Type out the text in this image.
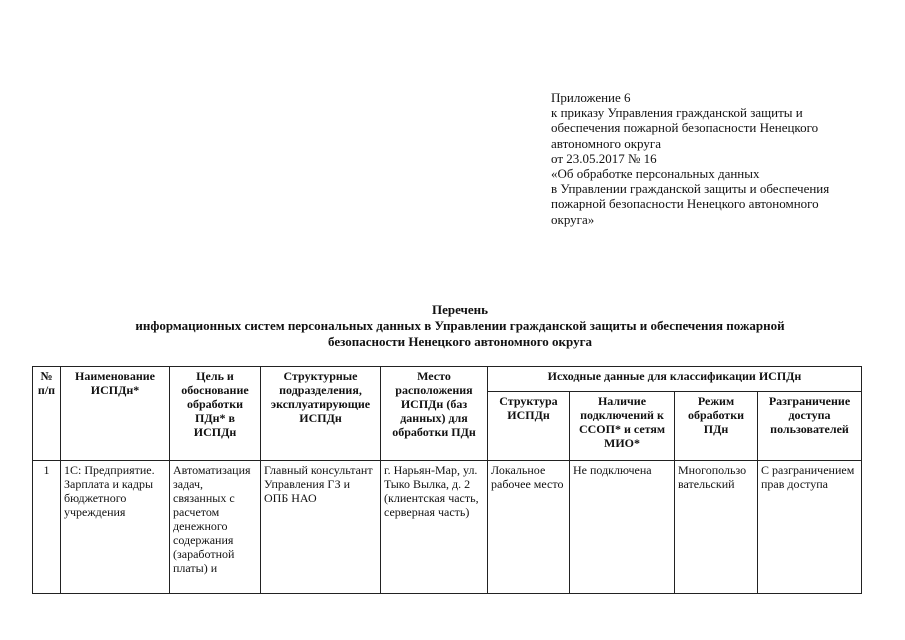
Приложение 6
к приказу Управления гражданской защиты и
обеспечения пожарной безопасности Ненецкого
автономного округа
от 23.05.2017 № 16
«Об обработке персональных данных
в Управлении гражданской защиты и обеспечения
пожарной безопасности Ненецкого автономного
округа»
Перечень
информационных систем персональных данных в Управлении гражданской защиты и обеспечения пожарной
безопасности Ненецкого автономного округа
№ п/п	Наименование ИСПДн*	Цель и обоснование обработки ПДн* в ИСПДн	Структурные подразделения, эксплуатирующие ИСПДн	Место расположения ИСПДн (баз данных) для обработки ПДн	Исходные данные для классификации ИСПДн			
					Структура ИСПДн	Наличие подключений к ССОП* и сетям МИО*	Режим обработки ПДн	Разграничение доступа пользователей
1	1С: Предприятие. Зарплата и кадры бюджетного учреждения	Автоматизация задач, связанных с расчетом денежного содержания (заработной платы) и	Главный консультант Управления ГЗ и ОПБ НАО	г. Нарьян-Мар, ул. Тыко Вылка, д. 2 (клиентская часть, серверная часть)	Локальное рабочее место	Не подключена	Многопользо вательский	С разграничением прав доступа
